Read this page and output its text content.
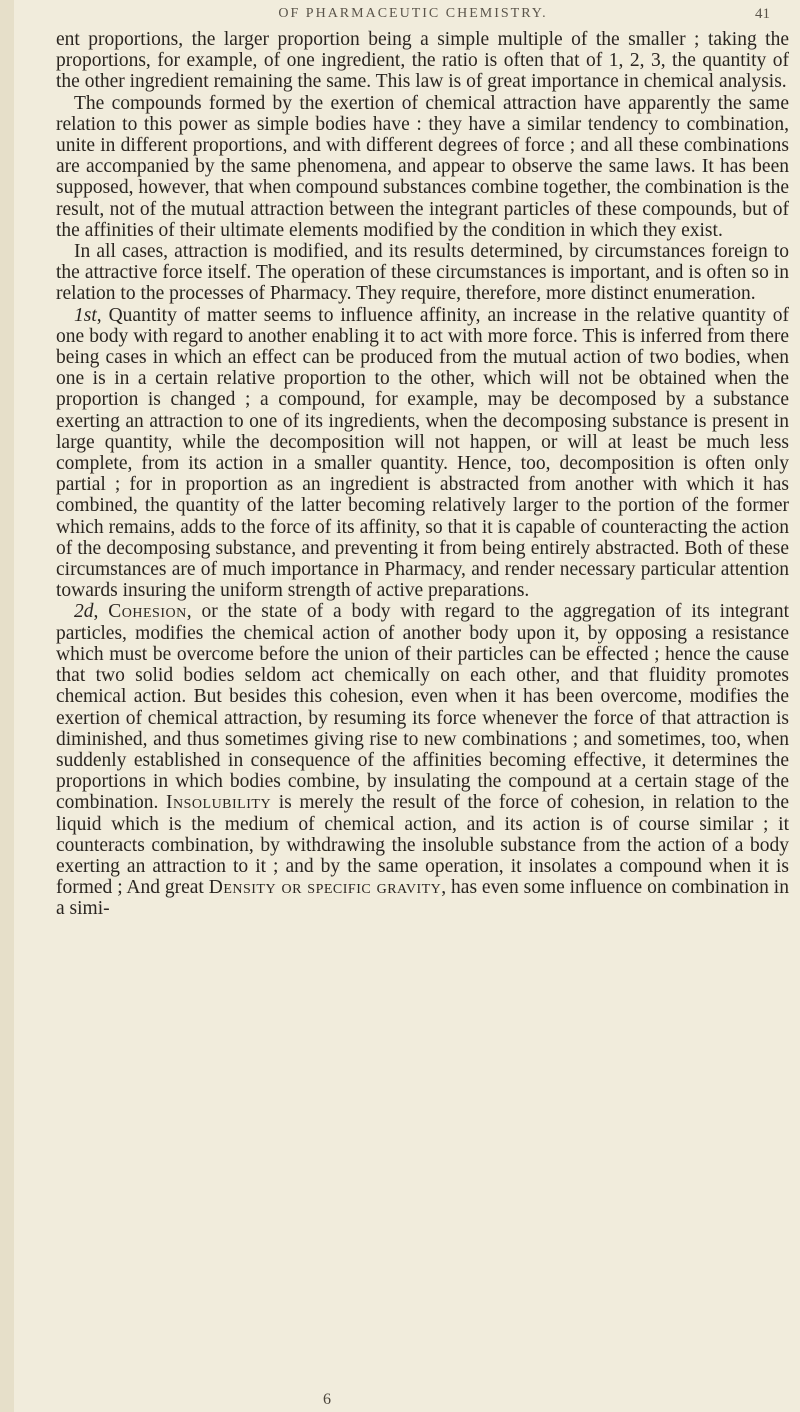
OF PHARMACEUTIC CHEMISTRY.	41

ent proportions, the larger proportion being a simple multiple of the smaller ; taking the proportions, for example, of one ingredient, the ratio is often that of 1, 2, 3, the quantity of the other ingredient remaining the same. This law is of great importance in chemical analysis.

The compounds formed by the exertion of chemical attraction have apparently the same relation to this power as simple bodies have : they have a similar tendency to combination, unite in different proportions, and with different degrees of force ; and all these combinations are accompanied by the same phenomena, and appear to observe the same laws. It has been supposed, however, that when compound substances combine together, the combination is the result, not of the mutual attraction between the integrant particles of these compounds, but of the affinities of their ultimate elements modified by the condition in which they exist.

In all cases, attraction is modified, and its results determined, by circumstances foreign to the attractive force itself. The operation of these circumstances is important, and is often so in relation to the processes of Pharmacy. They require, therefore, more distinct enumeration.

1st, Quantity of matter seems to influence affinity, an increase in the relative quantity of one body with regard to another enabling it to act with more force. This is inferred from there being cases in which an effect can be produced from the mutual action of two bodies, when one is in a certain relative proportion to the other, which will not be obtained when the proportion is changed ; a compound, for example, may be decomposed by a substance exerting an attraction to one of its ingredients, when the decomposing substance is present in large quantity, while the decomposition will not happen, or will at least be much less complete, from its action in a smaller quantity. Hence, too, decomposition is often only partial ; for in proportion as an ingredient is abstracted from another with which it has combined, the quantity of the latter becoming relatively larger to the portion of the former which remains, adds to the force of its affinity, so that it is capable of counteracting the action of the decomposing substance, and preventing it from being entirely abstracted. Both of these circumstances are of much importance in Pharmacy, and render necessary particular attention towards insuring the uniform strength of active preparations.

2d, Cohesion, or the state of a body with regard to the aggregation of its integrant particles, modifies the chemical action of another body upon it, by opposing a resistance which must be overcome before the union of their particles can be effected ; hence the cause that two solid bodies seldom act chemically on each other, and that fluidity promotes chemical action. But besides this cohesion, even when it has been overcome, modifies the exertion of chemical attraction, by resuming its force whenever the force of that attraction is diminished, and thus sometimes giving rise to new combinations ; and sometimes, too, when suddenly established in consequence of the affinities becoming effective, it determines the proportions in which bodies combine, by insulating the compound at a certain stage of the combination. Insolubility is merely the result of the force of cohesion, in relation to the liquid which is the medium of chemical action, and its action is of course similar ; it counteracts combination, by withdrawing the insoluble substance from the action of a body exerting an attraction to it ; and by the same operation, it insolates a compound when it is formed ; And great Density or specific gravity, has even some influence on combination in a simi-

6
